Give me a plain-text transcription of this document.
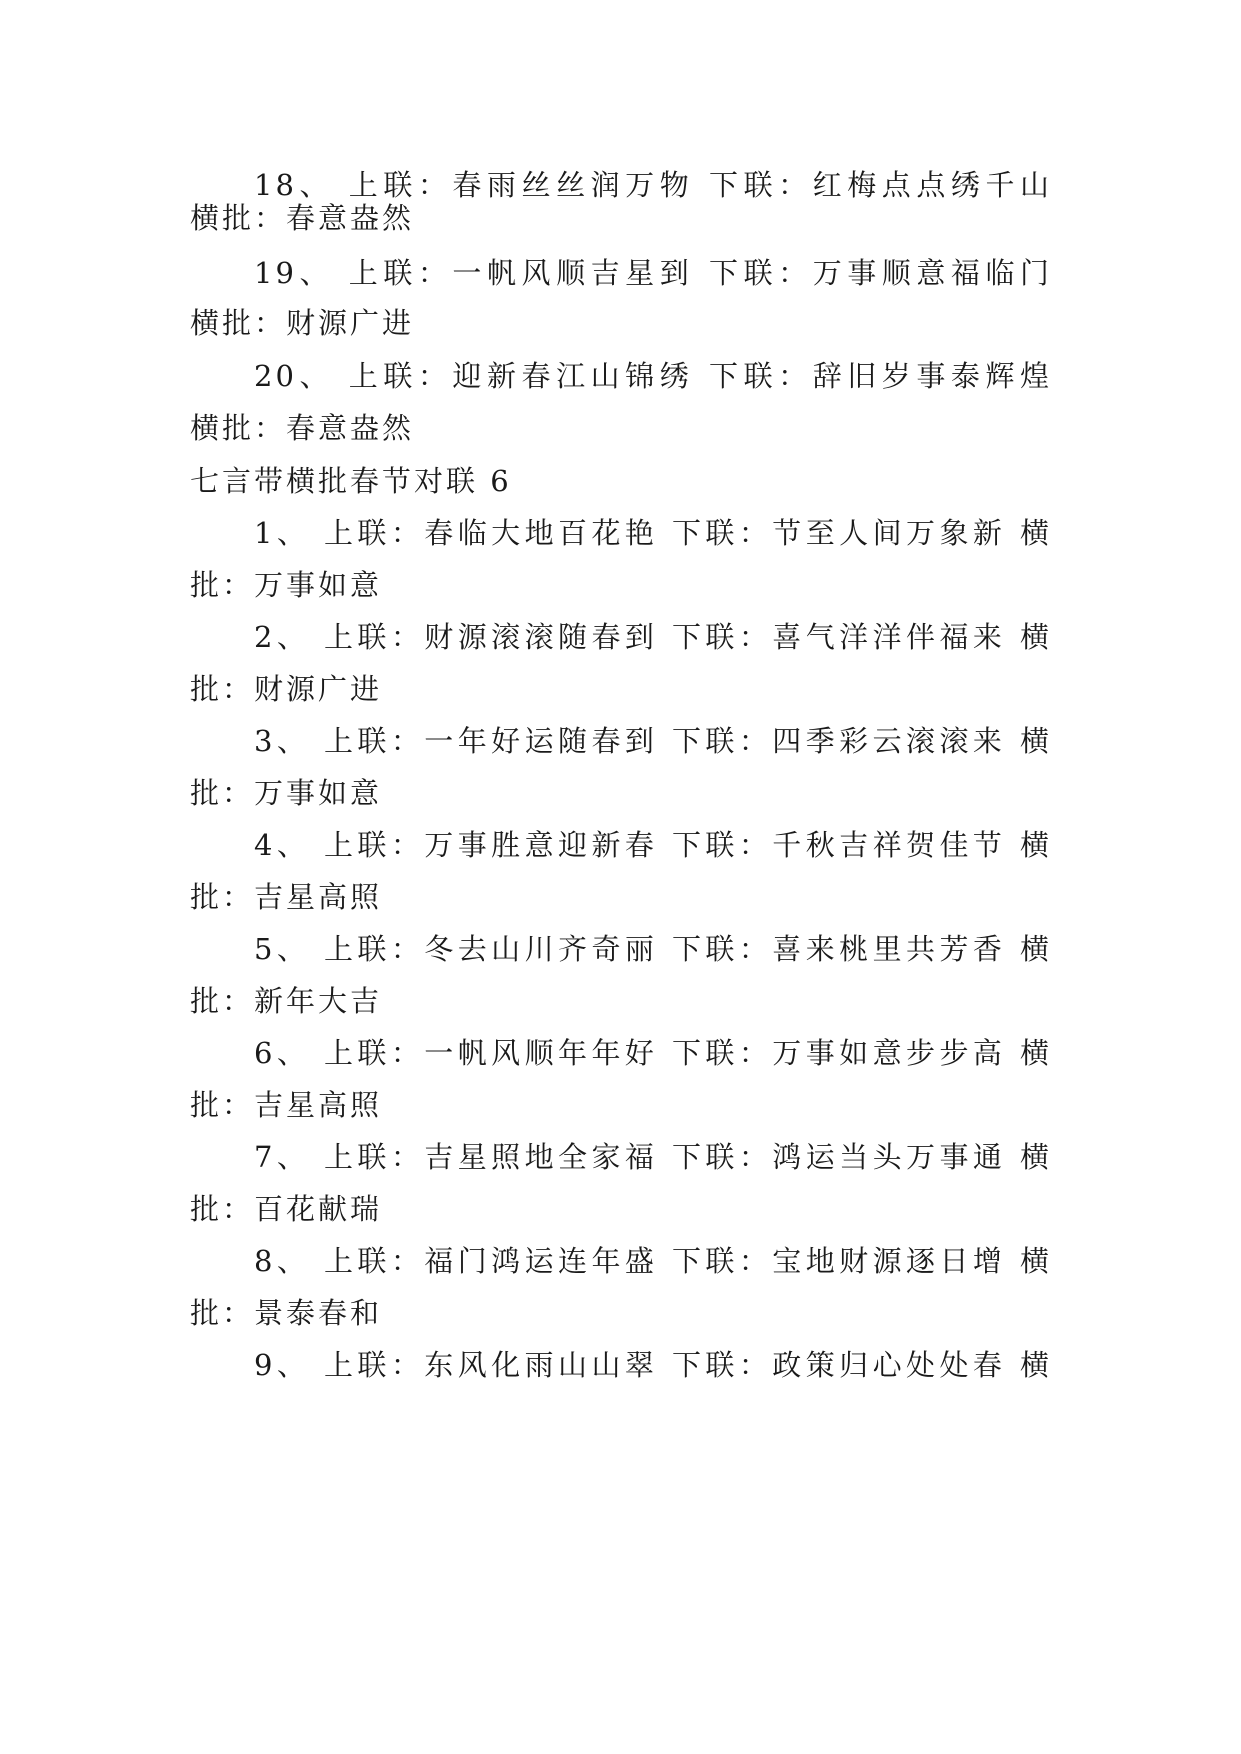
18、 上联：春雨丝丝润万物 下联：红梅点点绣千山
横批：春意盎然
19、 上联：一帆风顺吉星到 下联：万事顺意福临门
横批：财源广进
20、 上联：迎新春江山锦绣 下联：辞旧岁事泰辉煌
横批：春意盎然
七言带横批春节对联 6
1、 上联：春临大地百花艳 下联：节至人间万象新 横
批：万事如意
2、 上联：财源滚滚随春到 下联：喜气洋洋伴福来 横
批：财源广进
3、 上联：一年好运随春到 下联：四季彩云滚滚来 横
批：万事如意
4、 上联：万事胜意迎新春 下联：千秋吉祥贺佳节 横
批：吉星高照
5、 上联：冬去山川齐奇丽 下联：喜来桃里共芳香 横
批：新年大吉
6、 上联：一帆风顺年年好 下联：万事如意步步高 横
批：吉星高照
7、 上联：吉星照地全家福 下联：鸿运当头万事通 横
批：百花献瑞
8、 上联：福门鸿运连年盛 下联：宝地财源逐日增 横
批：景泰春和
9、 上联：东风化雨山山翠 下联：政策归心处处春 横
